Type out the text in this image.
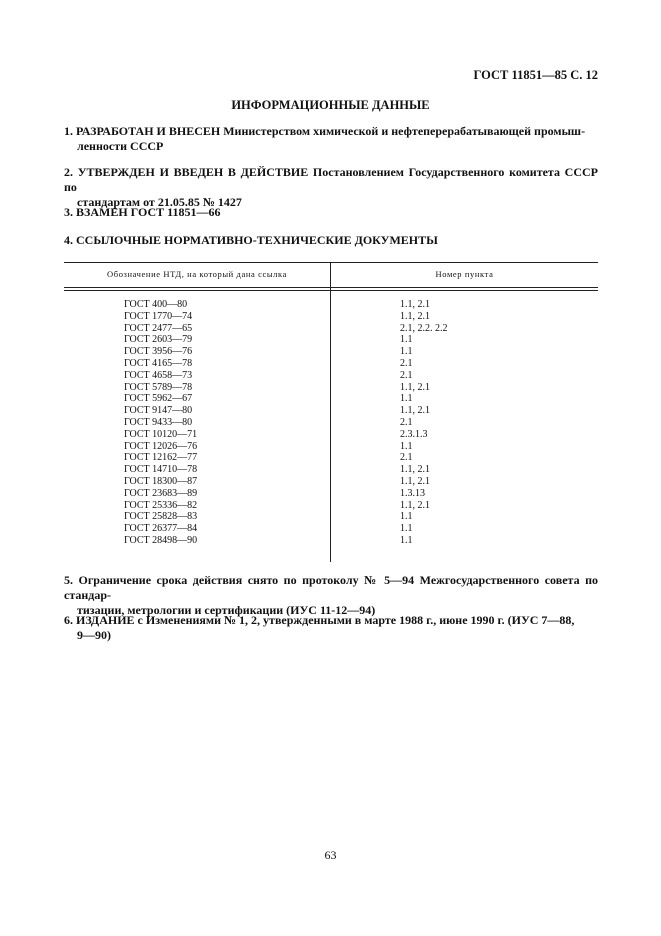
ГОСТ 11851—85 С. 12
ИНФОРМАЦИОННЫЕ ДАННЫЕ
1. РАЗРАБОТАН И ВНЕСЕН Министерством химической и нефтеперерабатывающей промыш-
ленности СССР
2. УТВЕРЖДЕН И ВВЕДЕН В ДЕЙСТВИЕ Постановлением Государственного комитета СССР по
стандартам от 21.05.85 № 1427
3. ВЗАМЕН ГОСТ 11851—66
4. ССЫЛОЧНЫЕ НОРМАТИВНО-ТЕХНИЧЕСКИЕ ДОКУМЕНТЫ
Обозначение НТД, на который дана ссылка	Номер пункта
ГОСТ 400—80	1.1, 2.1
ГОСТ 1770—74	1.1, 2.1
ГОСТ 2477—65	2.1, 2.2. 2.2
ГОСТ 2603—79	1.1
ГОСТ 3956—76	1.1
ГОСТ 4165—78	2.1
ГОСТ 4658—73	2.1
ГОСТ 5789—78	1.1, 2.1
ГОСТ 5962—67	1.1
ГОСТ 9147—80	1.1, 2.1
ГОСТ 9433—80	2.1
ГОСТ 10120—71	2.3.1.3
ГОСТ 12026—76	1.1
ГОСТ 12162—77	2.1
ГОСТ 14710—78	1.1, 2.1
ГОСТ 18300—87	1.1, 2.1
ГОСТ 23683—89	1.3.13
ГОСТ 25336—82	1.1, 2.1
ГОСТ 25828—83	1.1
ГОСТ 26377—84	1.1
ГОСТ 28498—90	1.1
5. Ограничение срока действия снято по протоколу № 5—94 Межгосударственного совета по стандар-
тизации, метрологии и сертификации (ИУС 11-12—94)
6. ИЗДАНИЕ с Изменениями № 1, 2, утвержденными в марте 1988 г., июне 1990 г. (ИУС 7—88,
9—90)
63
